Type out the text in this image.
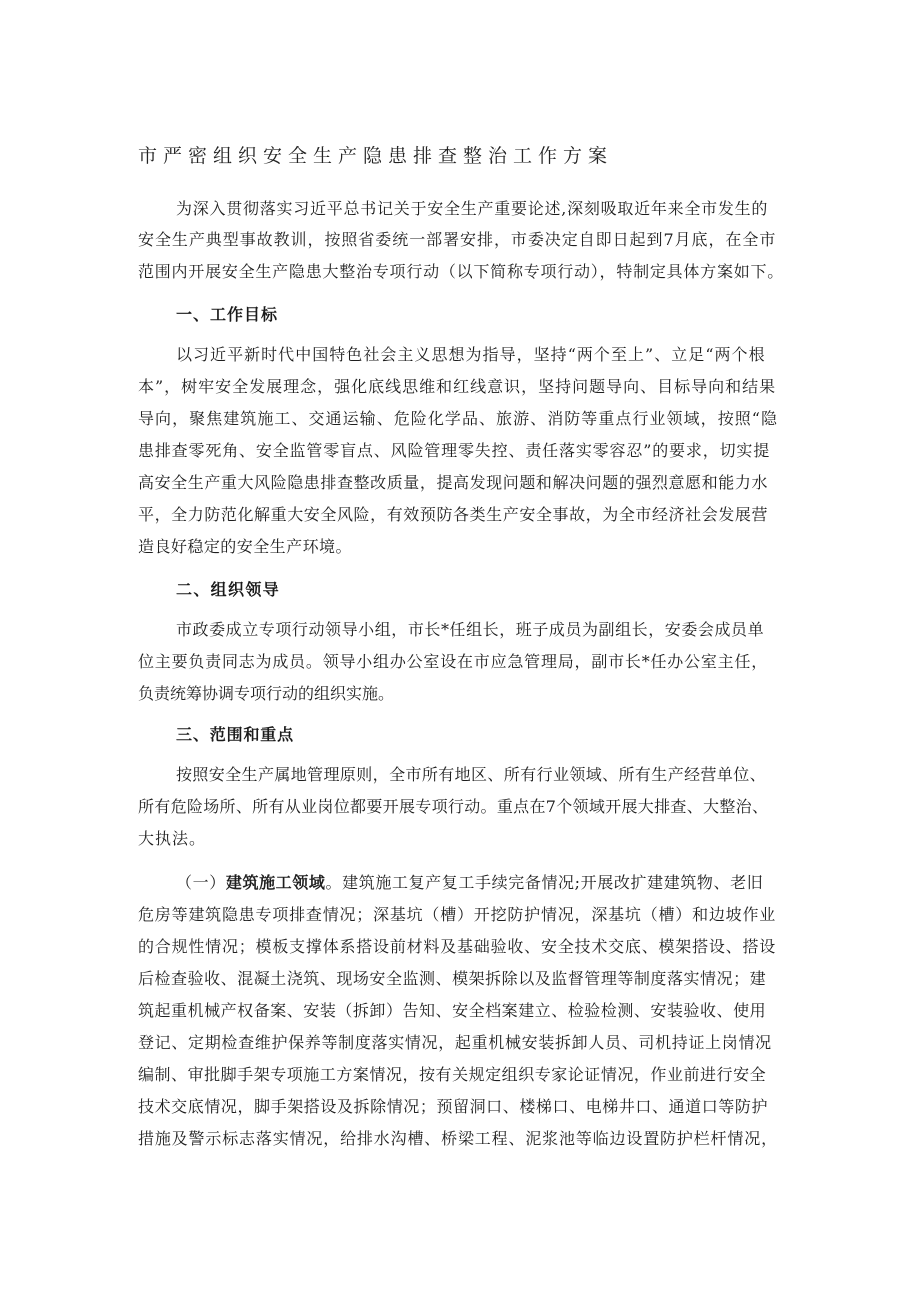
市严密组织安全生产隐患排查整治工作方案
为深入贯彻落实习近平总书记关于安全生产重要论述,深刻吸取近年来全市发生的
安全生产典型事故教训，按照省委统一部署安排，市委决定自即日起到7月底，在全市
范围内开展安全生产隐患大整治专项行动（以下简称专项行动），特制定具体方案如下。
一、工作目标
以习近平新时代中国特色社会主义思想为指导，坚持“两个至上”、立足“两个根
本”，树牢安全发展理念，强化底线思维和红线意识，坚持问题导向、目标导向和结果
导向，聚焦建筑施工、交通运输、危险化学品、旅游、消防等重点行业领域，按照“隐
患排查零死角、安全监管零盲点、风险管理零失控、责任落实零容忍”的要求，切实提
高安全生产重大风险隐患排查整改质量，提高发现问题和解决问题的强烈意愿和能力水
平，全力防范化解重大安全风险，有效预防各类生产安全事故，为全市经济社会发展营
造良好稳定的安全生产环境。
二、组织领导
市政委成立专项行动领导小组，市长*任组长，班子成员为副组长，安委会成员单
位主要负责同志为成员。领导小组办公室设在市应急管理局，副市长*任办公室主任，
负责统筹协调专项行动的组织实施。
三、范围和重点
按照安全生产属地管理原则，全市所有地区、所有行业领域、所有生产经营单位、
所有危险场所、所有从业岗位都要开展专项行动。重点在7个领域开展大排查、大整治、
大执法。
（一）建筑施工领域。建筑施工复产复工手续完备情况;开展改扩建建筑物、老旧
危房等建筑隐患专项排查情况；深基坑（槽）开挖防护情况，深基坑（槽）和边坡作业
的合规性情况；模板支撑体系搭设前材料及基础验收、安全技术交底、模架搭设、搭设
后检查验收、混凝土浇筑、现场安全监测、模架拆除以及监督管理等制度落实情况；建
筑起重机械产权备案、安装（拆卸）告知、安全档案建立、检验检测、安装验收、使用
登记、定期检查维护保养等制度落实情况，起重机械安装拆卸人员、司机持证上岗情况
编制、审批脚手架专项施工方案情况，按有关规定组织专家论证情况，作业前进行安全
技术交底情况，脚手架搭设及拆除情况；预留洞口、楼梯口、电梯井口、通道口等防护
措施及警示标志落实情况，给排水沟槽、桥梁工程、泥浆池等临边设置防护栏杆情况，
